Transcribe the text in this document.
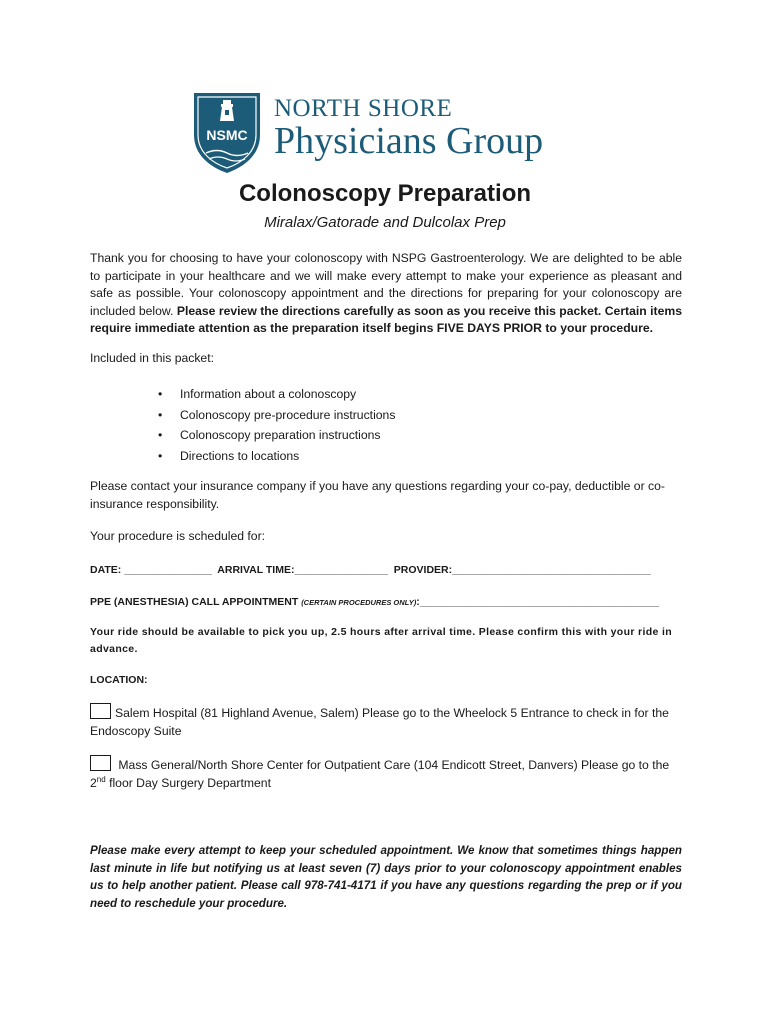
NSMC
NORTH SHORE
Physicians Group
Colonoscopy Preparation

Miralax/Gatorade and Dulcolax Prep

Thank you for choosing to have your colonoscopy with NSPG Gastroenterology. We are delighted to be able to participate in your healthcare and we will make every attempt to make your experience as pleasant and safe as possible. Your colonoscopy appointment and the directions for preparing for your colonoscopy are included below. Please review the directions carefully as soon as you receive this packet. Certain items require immediate attention as the preparation itself begins FIVE DAYS PRIOR to your procedure.
Included in this packet:
• Information about a colonoscopy
• Colonoscopy pre-procedure instructions
• Colonoscopy preparation instructions
• Directions to locations
Please contact your insurance company if you have any questions regarding your co-pay, deductible or co-insurance responsibility.
Your procedure is scheduled for:
DATE: _______________ ARRIVAL TIME:________________ PROVIDER:__________________________________
PPE (ANESTHESIA) CALL APPOINTMENT (CERTAIN PROCEDURES ONLY):_________________________________________
Your ride should be available to pick you up, 2.5 hours after arrival time. Please confirm this with your ride in advance.
LOCATION:
Salem Hospital (81 Highland Avenue, Salem) Please go to the Wheelock 5 Entrance to check in for the Endoscopy Suite
Mass General/North Shore Center for Outpatient Care (104 Endicott Street, Danvers) Please go to the 2nd floor Day Surgery Department
Please make every attempt to keep your scheduled appointment. We know that sometimes things happen last minute in life but notifying us at least seven (7) days prior to your colonoscopy appointment enables us to help another patient. Please call 978-741-4171 if you have any questions regarding the prep or if you need to reschedule your procedure.
